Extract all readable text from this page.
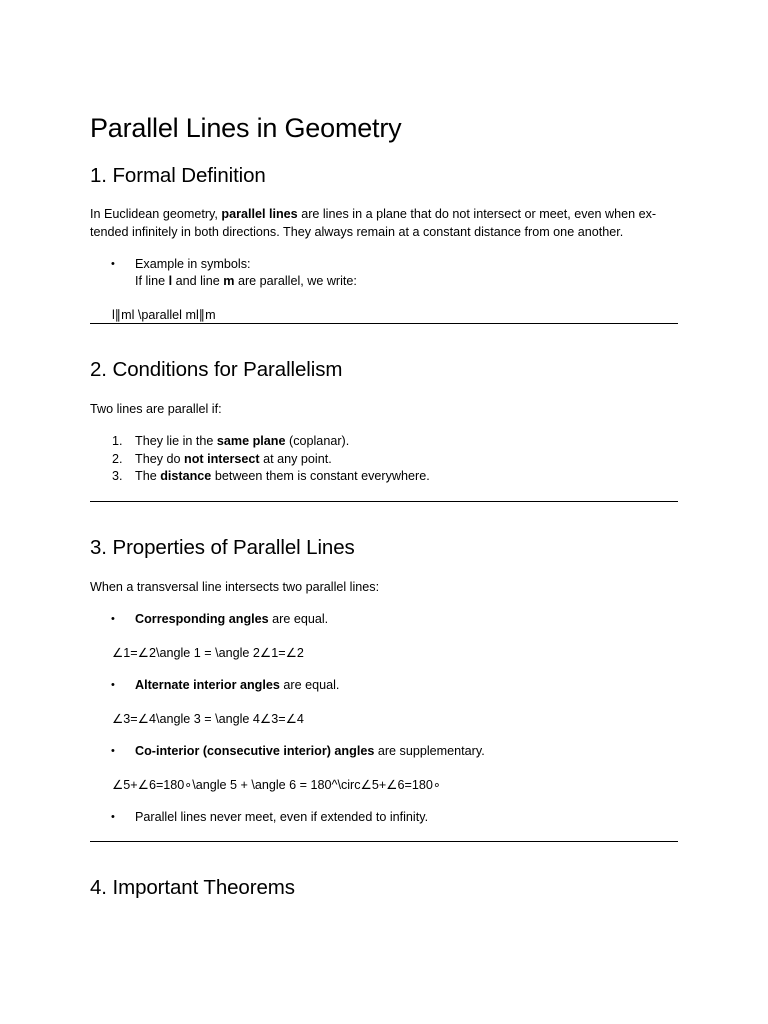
Parallel Lines in Geometry
1. Formal Definition
In Euclidean geometry, parallel lines are lines in a plane that do not intersect or meet, even when ex-
tended infinitely in both directions. They always remain at a constant distance from one another.
• Example in symbols:
If line l and line m are parallel, we write:
l∥ml \parallel ml∥m
2. Conditions for Parallelism
Two lines are parallel if:
1. They lie in the same plane (coplanar).
2. They do not intersect at any point.
3. The distance between them is constant everywhere.
3. Properties of Parallel Lines
When a transversal line intersects two parallel lines:
• Corresponding angles are equal.
∠1=∠2\angle 1 = \angle 2∠1=∠2
• Alternate interior angles are equal.
∠3=∠4\angle 3 = \angle 4∠3=∠4
• Co-interior (consecutive interior) angles are supplementary.
∠5+∠6=180∘\angle 5 + \angle 6 = 180^\circ∠5+∠6=180∘
• Parallel lines never meet, even if extended to infinity.
4. Important Theorems
